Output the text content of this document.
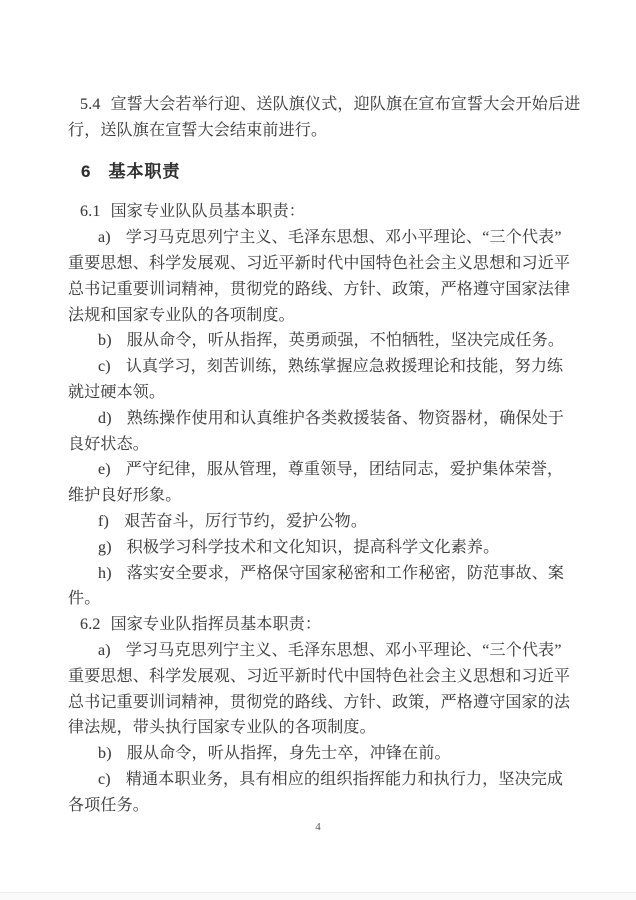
5.4 宣誓大会若举行迎、送队旗仪式，迎队旗在宣布宣誓大会开始后进
行，送队旗在宣誓大会结束前进行。
6 基本职责
6.1 国家专业队队员基本职责：
a) 学习马克思列宁主义、毛泽东思想、邓小平理论、“三个代表”
重要思想、科学发展观、习近平新时代中国特色社会主义思想和习近平
总书记重要训词精神，贯彻党的路线、方针、政策，严格遵守国家法律
法规和国家专业队的各项制度。
b) 服从命令，听从指挥，英勇顽强，不怕牺牲，坚决完成任务。
c) 认真学习，刻苦训练，熟练掌握应急救援理论和技能，努力练
就过硬本领。
d) 熟练操作使用和认真维护各类救援装备、物资器材，确保处于
良好状态。
e) 严守纪律，服从管理，尊重领导，团结同志，爱护集体荣誉，
维护良好形象。
f) 艰苦奋斗，厉行节约，爱护公物。
g) 积极学习科学技术和文化知识，提高科学文化素养。
h) 落实安全要求，严格保守国家秘密和工作秘密，防范事故、案
件。
6.2 国家专业队指挥员基本职责：
a) 学习马克思列宁主义、毛泽东思想、邓小平理论、“三个代表”
重要思想、科学发展观、习近平新时代中国特色社会主义思想和习近平
总书记重要训词精神，贯彻党的路线、方针、政策，严格遵守国家的法
律法规，带头执行国家专业队的各项制度。
b) 服从命令，听从指挥，身先士卒，冲锋在前。
c) 精通本职业务，具有相应的组织指挥能力和执行力，坚决完成
各项任务。
4
